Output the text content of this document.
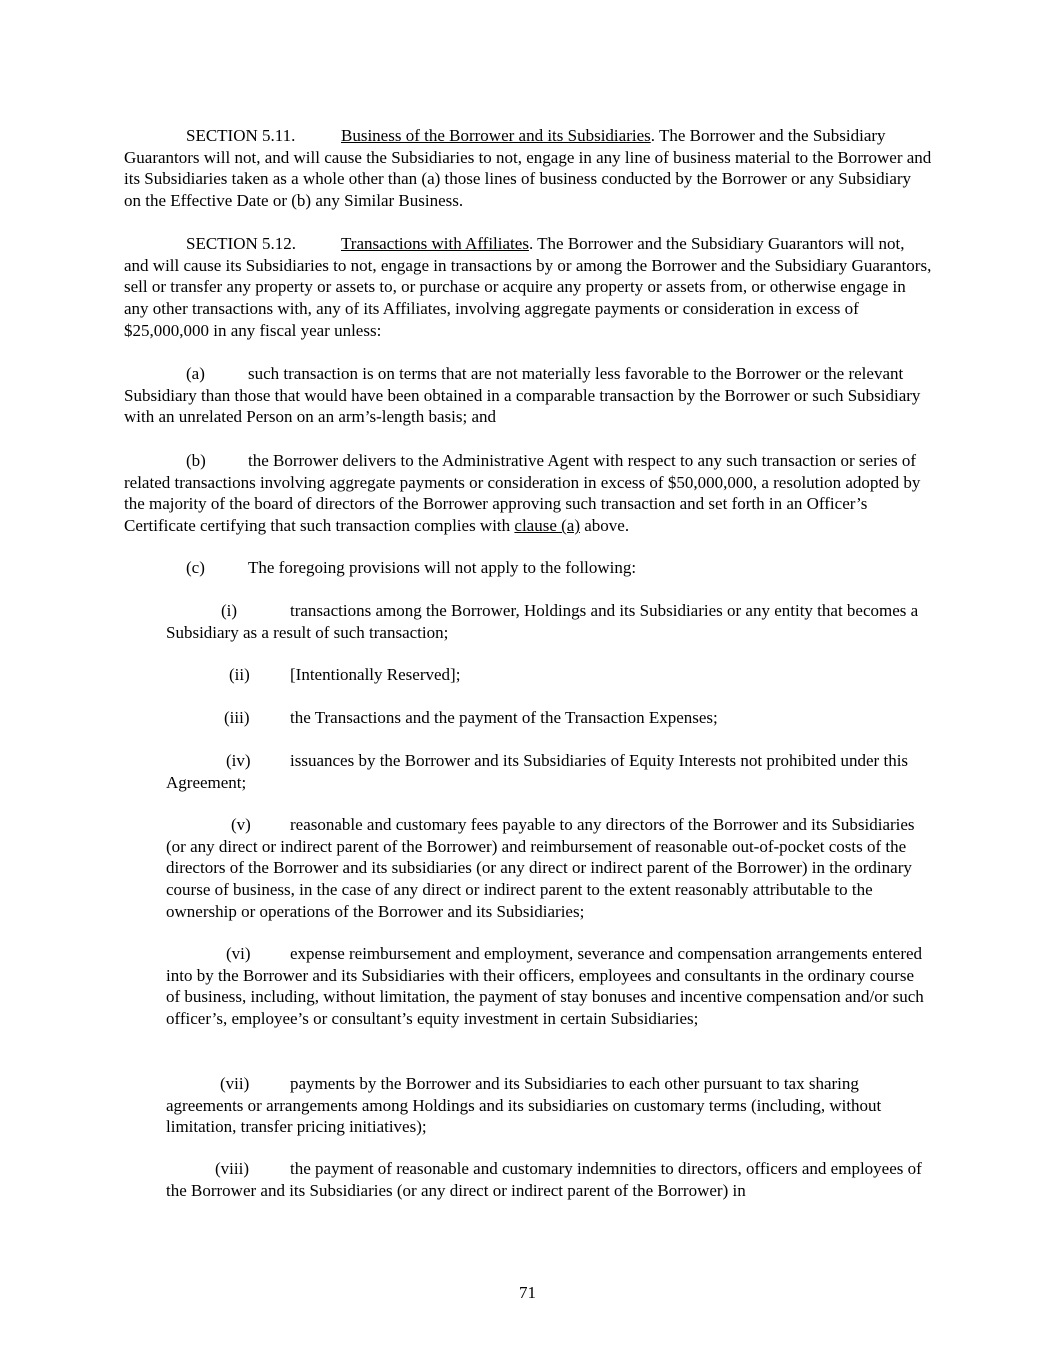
SECTION 5.11.	Business of the Borrower and its Subsidiaries. The Borrower and the Subsidiary Guarantors will not, and will cause the Subsidiaries to not, engage in any line of business material to the Borrower and its Subsidiaries taken as a whole other than (a) those lines of business conducted by the Borrower or any Subsidiary on the Effective Date or (b) any Similar Business.
SECTION 5.12.	Transactions with Affiliates. The Borrower and the Subsidiary Guarantors will not, and will cause its Subsidiaries to not, engage in transactions by or among the Borrower and the Subsidiary Guarantors, sell or transfer any property or assets to, or purchase or acquire any property or assets from, or otherwise engage in any other transactions with, any of its Affiliates, involving aggregate payments or consideration in excess of $25,000,000 in any fiscal year unless:
(a)	such transaction is on terms that are not materially less favorable to the Borrower or the relevant Subsidiary than those that would have been obtained in a comparable transaction by the Borrower or such Subsidiary with an unrelated Person on an arm’s-length basis; and
(b) the Borrower delivers to the Administrative Agent with respect to any such transaction or series of related transactions involving aggregate payments or consideration in excess of $50,000,000, a resolution adopted by the majority of the board of directors of the Borrower approving such transaction and set forth in an Officer’s Certificate certifying that such transaction complies with clause (a) above.
(c)	The foregoing provisions will not apply to the following:
(i)	transactions among the Borrower, Holdings and its Subsidiaries or any entity that becomes a Subsidiary as a result of such transaction;
(ii) [Intentionally Reserved];
(iii) the Transactions and the payment of the Transaction Expenses;
(iv) issuances by the Borrower and its Subsidiaries of Equity Interests not prohibited under this Agreement;
(v) reasonable and customary fees payable to any directors of the Borrower and its Subsidiaries (or any direct or indirect parent of the Borrower) and reimbursement of reasonable out-of-pocket costs of the directors of the Borrower and its subsidiaries (or any direct or indirect parent of the Borrower) in the ordinary course of business, in the case of any direct or indirect parent to the extent reasonably attributable to the ownership or operations of the Borrower and its Subsidiaries;
(vi) expense reimbursement and employment, severance and compensation arrangements entered into by the Borrower and its Subsidiaries with their officers, employees and consultants in the ordinary course of business, including, without limitation, the payment of stay bonuses and incentive compensation and/or such officer’s, employee’s or consultant’s equity investment in certain Subsidiaries;
(vii) payments by the Borrower and its Subsidiaries to each other pursuant to tax sharing agreements or arrangements among Holdings and its subsidiaries on customary terms (including, without limitation, transfer pricing initiatives);
(viii) the payment of reasonable and customary indemnities to directors, officers and employees of the Borrower and its Subsidiaries (or any direct or indirect parent of the Borrower) in
71
